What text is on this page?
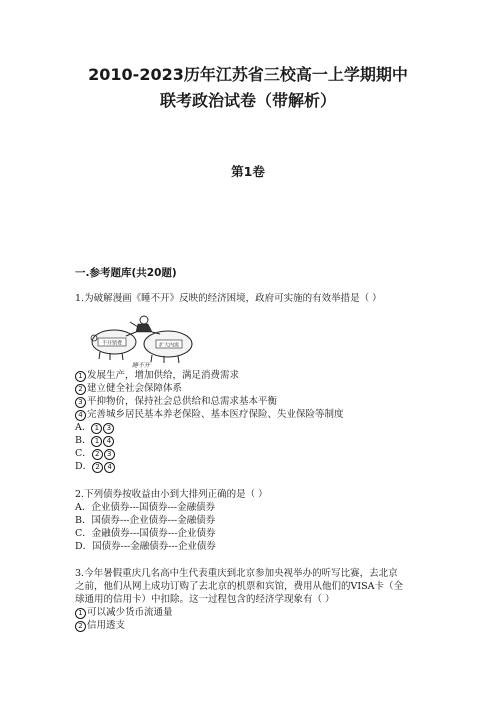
2010-2023历年江苏省三校高一上学期期中
联考政治试卷（带解析）
第1卷
一.参考题库(共20题)
1.为破解漫画《睡不开》反映的经济困境，政府可实施的有效举措是（ ）
不开销费	扩大内需
睡不开
1 发展生产，增加供给，满足消费需求
2 建立健全社会保障体系
3 平抑物价，保持社会总供给和总需求基本平衡
4 完善城乡居民基本养老保险、基本医疗保险、失业保险等制度
A． 1 3
B． 1 4
C． 2 3
D． 2 4
2.下列债券按收益由小到大排列正确的是（ ）
A．企业债券---国债券---金融债券
B．国债券---企业债券---金融债券
C．金融债券---国债券---企业债券
D．国债券---金融债券---企业债券
3.今年暑假重庆几名高中生代表重庆到北京参加央视举办的听写比赛，去北京
之前，他们从网上成功订购了去北京的机票和宾馆，费用从他们的VISA卡（全
球通用的信用卡）中扣除。这一过程包含的经济学现象有（ ）
1 可以减少货币流通量
2 信用透支
